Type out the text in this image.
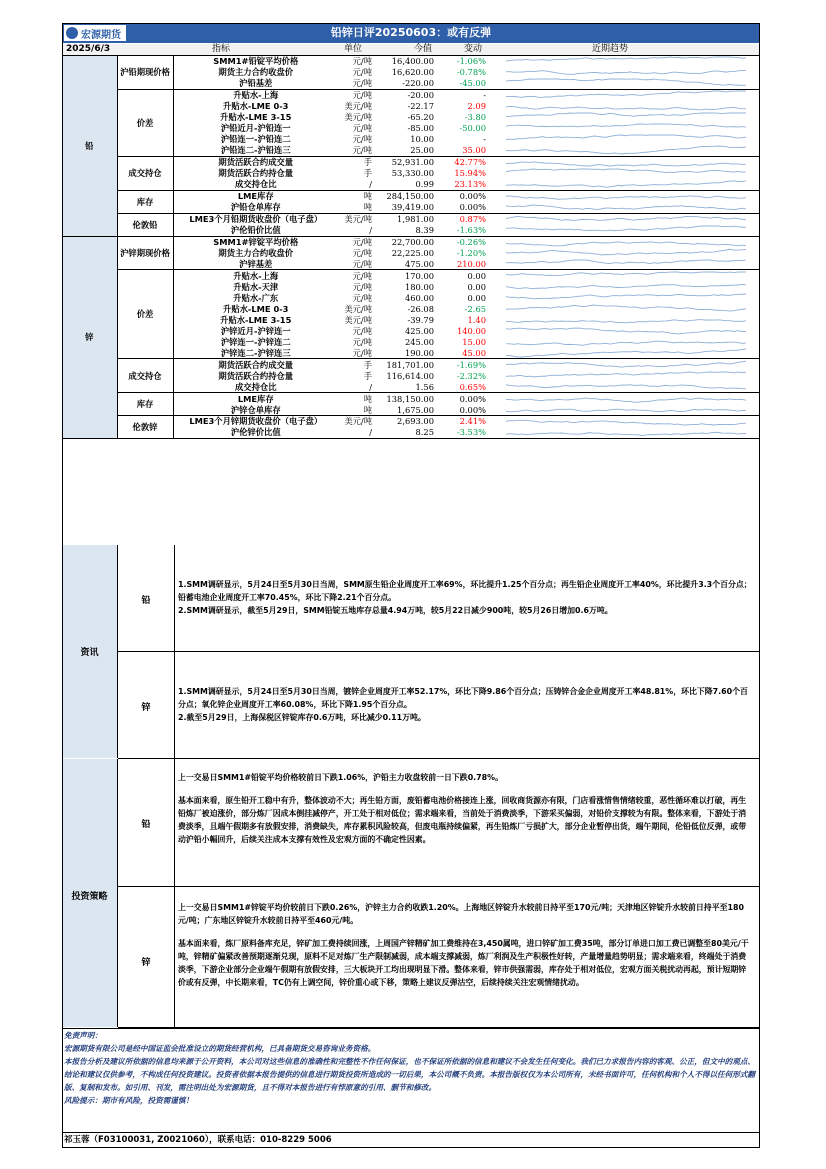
宏源期货	铅锌日评20250603：或有反弹
2025/6/3	指标	单位	今值	变动	近期趋势
铅	沪铅期现价格	SMM1#铅锭平均价格	元/吨	16,400.00	-1.06%	

		期货主力合约收盘价	元/吨	16,620.00	-0.78%	

		沪铅基差	元/吨	-220.00	-45.00	

	价差	升贴水-上海	元/吨	-20.00	-	

		升贴水-LME 0-3	美元/吨	-22.17	2.09	

		升贴水-LME 3-15	美元/吨	-65.20	-3.80	

		沪铅近月-沪铅连一	元/吨	-85.00	-50.00	

		沪铅连一-沪铅连二	元/吨	10.00	-	

		沪铅连二-沪铅连三	元/吨	25.00	35.00	

	成交持仓	期货活跃合约成交量	手	52,931.00	42.77%	

		期货活跃合约持仓量	手	53,330.00	15.94%	

		成交持仓比	/	0.99	23.13%	

	库存	LME库存	吨	284,150.00	0.00%	

		沪铅仓单库存	吨	39,419.00	0.00%	

	伦敦铅	LME3个月铅期货收盘价（电子盘）	美元/吨	1,981.00	0.87%	

		沪伦铅价比值	/	8.39	-1.63%	

锌	沪锌期现价格	SMM1#锌锭平均价格	元/吨	22,700.00	-0.26%	

		期货主力合约收盘价	元/吨	22,225.00	-1.20%	

		沪锌基差	元/吨	475.00	210.00	

	价差	升贴水-上海	元/吨	170.00	0.00	

		升贴水-天津	元/吨	180.00	0.00	

		升贴水-广东	元/吨	460.00	0.00	

		升贴水-LME 0-3	美元/吨	-26.08	-2.65	

		升贴水-LME 3-15	美元/吨	-39.79	1.40	

		沪锌近月-沪锌连一	元/吨	425.00	140.00	

		沪锌连一-沪锌连二	元/吨	245.00	15.00	

		沪锌连二-沪锌连三	元/吨	190.00	45.00	

	成交持仓	期货活跃合约成交量	手	181,701.00	-1.69%	

		期货活跃合约持仓量	手	116,614.00	-2.32%	

		成交持仓比	/	1.56	0.65%	

	库存	LME库存	吨	138,150.00	0.00%	

		沪锌仓单库存	吨	1,675.00	0.00%	

	伦敦锌	LME3个月锌期货收盘价（电子盘）	美元/吨	2,693.00	2.41%	

		沪伦锌价比值	/	8.25	-3.53%	
资讯
铅

1.SMM调研显示，5月24日至5月30日当周，SMM原生铅企业周度开工率69%，环比提升1.25个百分点；再生铅企业周度开工率40%，环比提升3.3个百分点；铅蓄电池企业周度开工率70.45%，环比下降2.21个百分点。

2.SMM调研显示，截至5月29日，SMM铅锭五地库存总量4.94万吨，较5月22日减少900吨，较5月26日增加0.6万吨。

锌

1.SMM调研显示，5月24日至5月30日当周，镀锌企业周度开工率52.17%，环比下降9.86个百分点；压铸锌合金企业周度开工率48.81%，环比下降7.60个百分点；氧化锌企业周度开工率60.08%，环比下降1.95个百分点。

2.截至5月29日，上海保税区锌锭库存0.6万吨，环比减少0.11万吨。

投资策略
铅

上一交易日SMM1#铅锭平均价格较前日下跌1.06%，沪铅主力收盘较前一日下跌0.78%。

基本面来看，原生铅开工稳中有升，整体波动不大；再生铅方面，废铅蓄电池价格接连上涨，回收商货源亦有限，门店看涨惜售情绪较重，恶性循环难以打破，再生铅炼厂被迫涨价，部分炼厂因成本倒挂减停产，开工处于相对低位；需求端来看，当前处于消费淡季，下游采买偏弱，对铅价支撑较为有限。整体来看，下游处于消费淡季，且端午假期多有放假安排，消费缺失，库存累积风险较高，但废电瓶持续偏紧，再生铅炼厂亏损扩大，部分企业暂停出货，端午期间，伦铅低位反弹，或带动沪铅小幅回升，后续关注成本支撑有效性及宏观方面的不确定性因素。

锌

上一交易日SMM1#锌锭平均价较前日下跌0.26%，沪锌主力合约收跌1.20%。上海地区锌锭升水较前日持平至170元/吨；天津地区锌锭升水较前日持平至180元/吨；广东地区锌锭升水较前日持平至460元/吨。

基本面来看，炼厂原料备库充足，锌矿加工费持续回涨，上周国产锌精矿加工费维持在3,450属吨，进口锌矿加工费35吨，部分订单进口加工费已调整至80美元/干吨，锌精矿偏紧改善预期逐渐兑现，原料不足对炼厂生产限制减弱，成本端支撑减弱，炼厂利润及生产积极性好转，产量增量趋势明显；需求端来看，终端处于消费淡季，下游企业部分企业端午假期有放假安排，三大板块开工均出现明显下滑。整体来看，锌市供强需弱，库存处于相对低位，宏观方面关税扰动再起，预计短期锌价或有反弹，中长期来看，TC仍有上调空间，锌价重心或下移，策略上建议反弹沽空，后续持续关注宏观情绪扰动。

免责声明：

宏源期货有限公司是经中国证监会批准设立的期货经营机构，已具备期货交易咨询业务资格。

本报告分析及建议所依据的信息均来源于公开资料，本公司对这些信息的准确性和完整性不作任何保证，也不保证所依据的信息和建议不会发生任何变化。我们已力求报告内容的客观、公正，但文中的观点、结论和建议仅供参考，不构成任何投资建议。投资者依据本报告提供的信息进行期货投资所造成的一切后果，本公司概不负责。本报告版权仅为本公司所有，未经书面许可，任何机构和个人不得以任何形式翻版、复制和发布。如引用、刊发，需注明出处为宏源期货，且不得对本报告进行有悖原意的引用、删节和修改。

风险提示：期市有风险，投资需谨慎！

祁玉蓉（F03100031, Z0021060），联系电话：010-8229 5006
